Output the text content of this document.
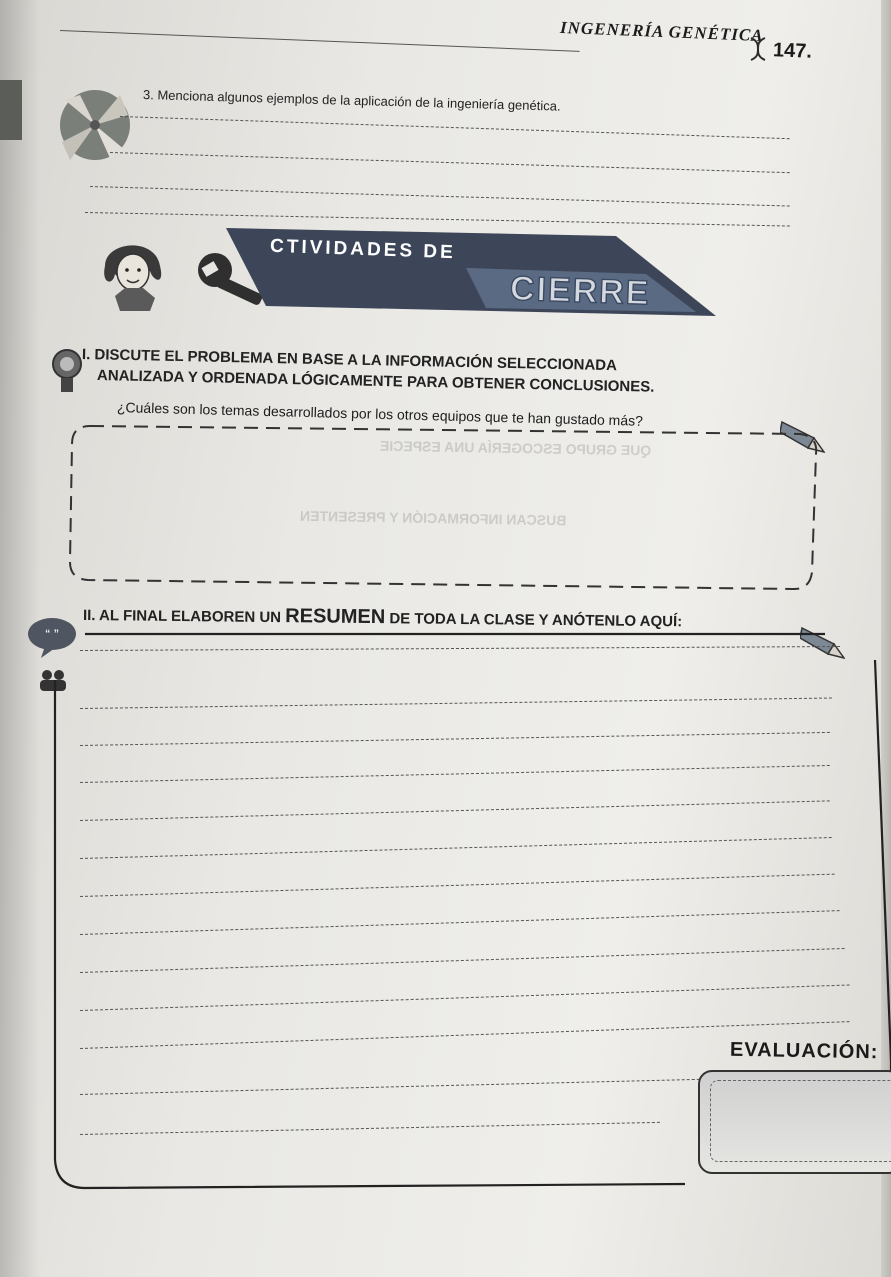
QUE GRUPO ESCOGERÍA UNA ESPECIE
BUSCAN INFORMACIÓN Y PRESENTEN
INGENERÍA GENÉTICA
147.
3. Menciona algunos ejemplos de la aplicación de la ingeniería genética.
CTIVIDADES DE
CIERRE
I. DISCUTE EL PROBLEMA EN BASE A LA INFORMACIÓN SELECCIONADA
ANALIZADA Y ORDENADA LÓGICAMENTE PARA OBTENER CONCLUSIONES.
¿Cuáles son los temas desarrollados por los otros equipos que te han gustado más?
“ ”
II. AL FINAL ELABOREN UN RESUMEN DE TODA LA CLASE Y ANÓTENLO AQUÍ:
EVALUACIÓN:
